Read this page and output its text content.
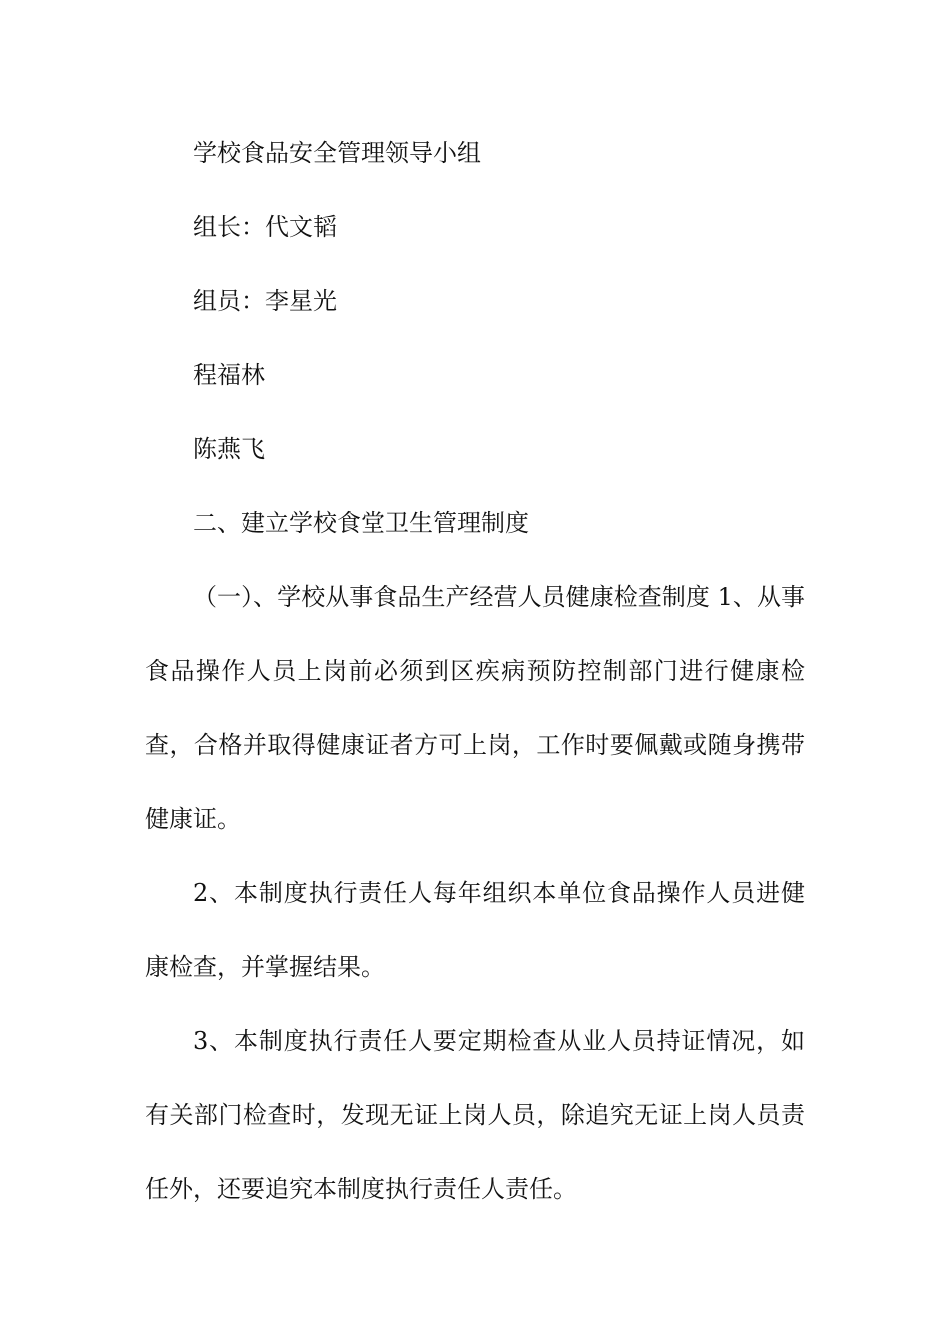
学校食品安全管理领导小组

组长：代文韬

组员：李星光

程福林

陈燕飞

二、建立学校食堂卫生管理制度

（一）、学校从事食品生产经营人员健康检查制度 1、从事食品操作人员上岗前必须到区疾病预防控制部门进行健康检查，合格并取得健康证者方可上岗，工作时要佩戴或随身携带健康证。

2、本制度执行责任人每年组织本单位食品操作人员进健康检查，并掌握结果。

3、本制度执行责任人要定期检查从业人员持证情况，如有关部门检查时，发现无证上岗人员，除追究无证上岗人员责任外，还要追究本制度执行责任人责任。
